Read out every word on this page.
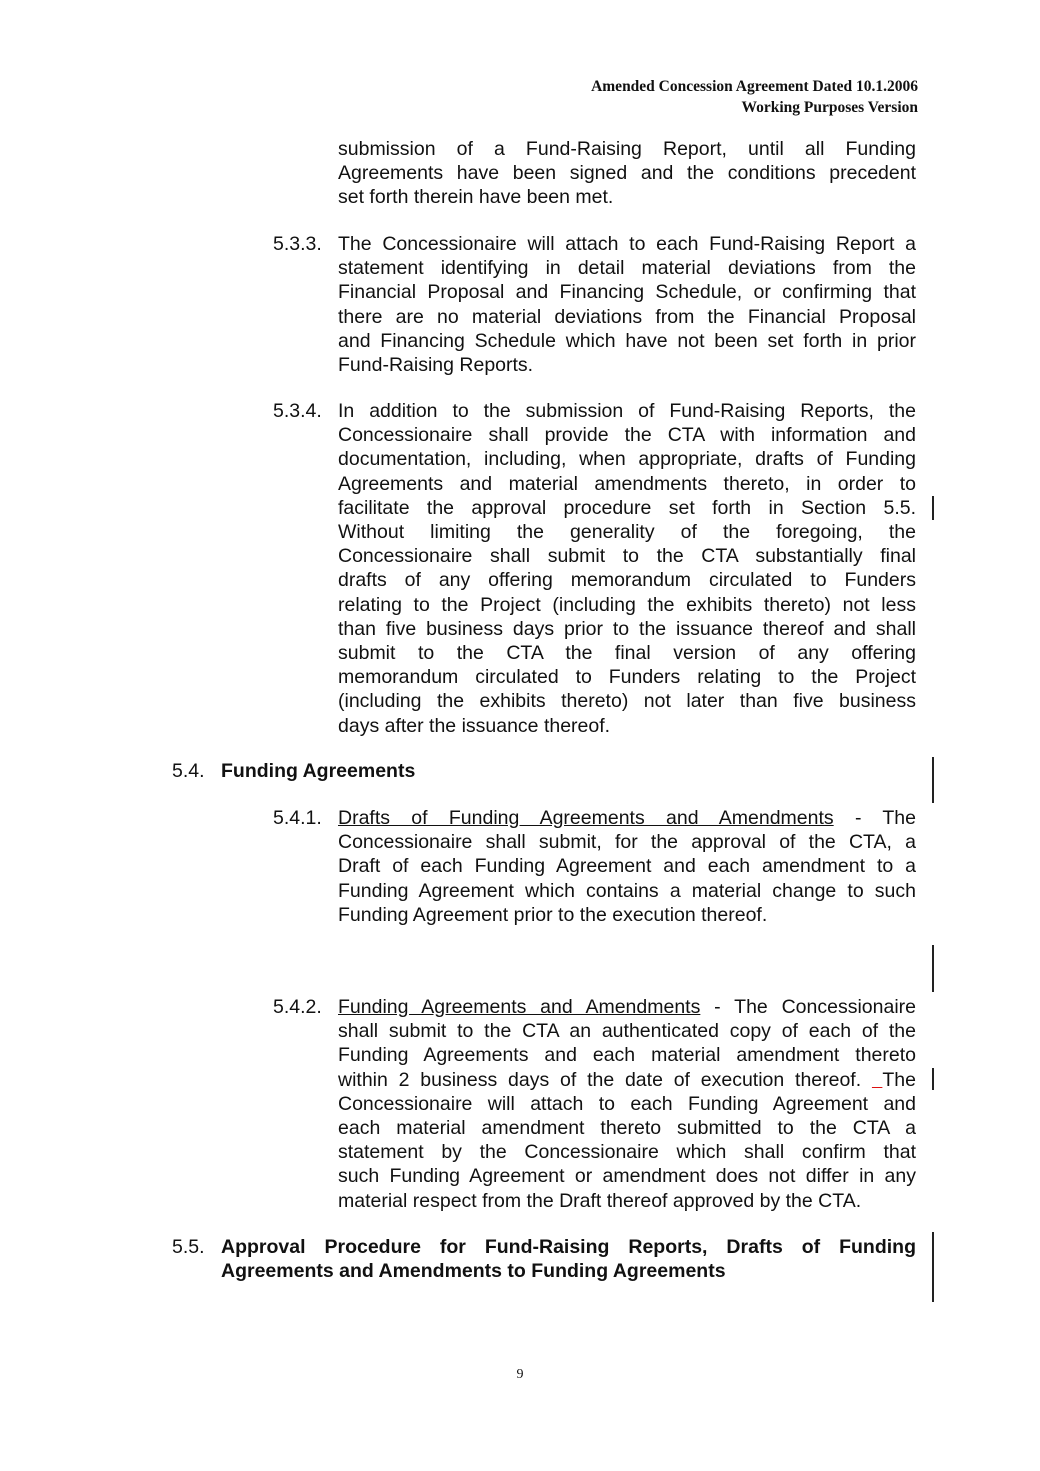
Amended Concession Agreement Dated 10.1.2006
Working Purposes Version
submission of a Fund-Raising Report, until all Funding
Agreements have been signed and the conditions precedent
set forth therein have been met.
5.3.3. The Concessionaire will attach to each Fund-Raising Report a
statement identifying in detail material deviations from the
Financial Proposal and Financing Schedule, or confirming that
there are no material deviations from the Financial Proposal
and Financing Schedule which have not been set forth in prior
Fund-Raising Reports.
5.3.4. In addition to the submission of Fund-Raising Reports, the
Concessionaire shall provide the CTA with information and
documentation, including, when appropriate, drafts of Funding
Agreements and material amendments thereto, in order to
facilitate the approval procedure set forth in Section 5.5.
Without limiting the generality of the foregoing, the
Concessionaire shall submit to the CTA substantially final
drafts of any offering memorandum circulated to Funders
relating to the Project (including the exhibits thereto) not less
than five business days prior to the issuance thereof and shall
submit to the CTA the final version of any offering
memorandum circulated to Funders relating to the Project
(including the exhibits thereto) not later than five business
days after the issuance thereof.
5.4. Funding Agreements
5.4.1. Drafts of Funding Agreements and Amendments - The
Concessionaire shall submit, for the approval of the CTA, a
Draft of each Funding Agreement and each amendment to a
Funding Agreement which contains a material change to such
Funding Agreement prior to the execution thereof.
5.4.2. Funding Agreements and Amendments - The Concessionaire
shall submit to the CTA an authenticated copy of each of the
Funding Agreements and each material amendment thereto
within 2 business days of the date of execution thereof.  The
Concessionaire will attach to each Funding Agreement and
each material amendment thereto submitted to the CTA a
statement by the Concessionaire which shall confirm that
such Funding Agreement or amendment does not differ in any
material respect from the Draft thereof approved by the CTA.
5.5. Approval Procedure for Fund-Raising Reports, Drafts of Funding
Agreements and Amendments to Funding Agreements
9
